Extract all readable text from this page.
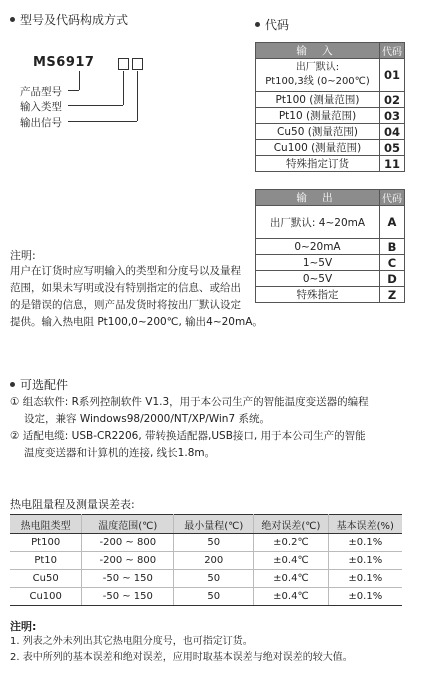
型号及代码构成方式
MS6917
产品型号
输入类型
输出信号
代码
输 入	代码
出厂默认:
Pt100,3线 (0~200℃)	01
Pt100 (测量范围)	02
Pt10 (测量范围)	03
Cu50 (测量范围)	04
Cu100 (测量范围)	05
特殊指定订货	11
输 出	代码
出厂默认: 4~20mA	A
0~20mA	B
1~5V	C
0~5V	D
特殊指定	Z
注明:
用户在订货时应写明输入的类型和分度号以及量程
范围，如果未写明或没有特别指定的信息、或给出
的是错误的信息，则产品发货时将按出厂默认设定
提供。输入热电阻 Pt100,0~200℃, 输出4~20mA。
可选配件
① 组态软件: R系列控制软件 V1.3，用于本公司生产的智能温度变送器的编程
设定，兼容 Windows98/2000/NT/XP/Win7 系统。
② 适配电缆: USB-CR2206, 带转换适配器,USB接口, 用于本公司生产的智能
温度变送器和计算机的连接, 线长1.8m。
热电阻量程及测量误差表:
热电阻类型	温度范围(℃)	最小量程(℃)	绝对误差(℃)	基本误差(%)
Pt100	-200 ~ 800	50	±0.2℃	±0.1%
Pt10	-200 ~ 800	200	±0.4℃	±0.1%
Cu50	-50 ~ 150	50	±0.4℃	±0.1%
Cu100	-50 ~ 150	50	±0.4℃	±0.1%
注明:
1. 列表之外未列出其它热电阻分度号，也可指定订货。
2. 表中所列的基本误差和绝对误差，应用时取基本误差与绝对误差的较大值。
